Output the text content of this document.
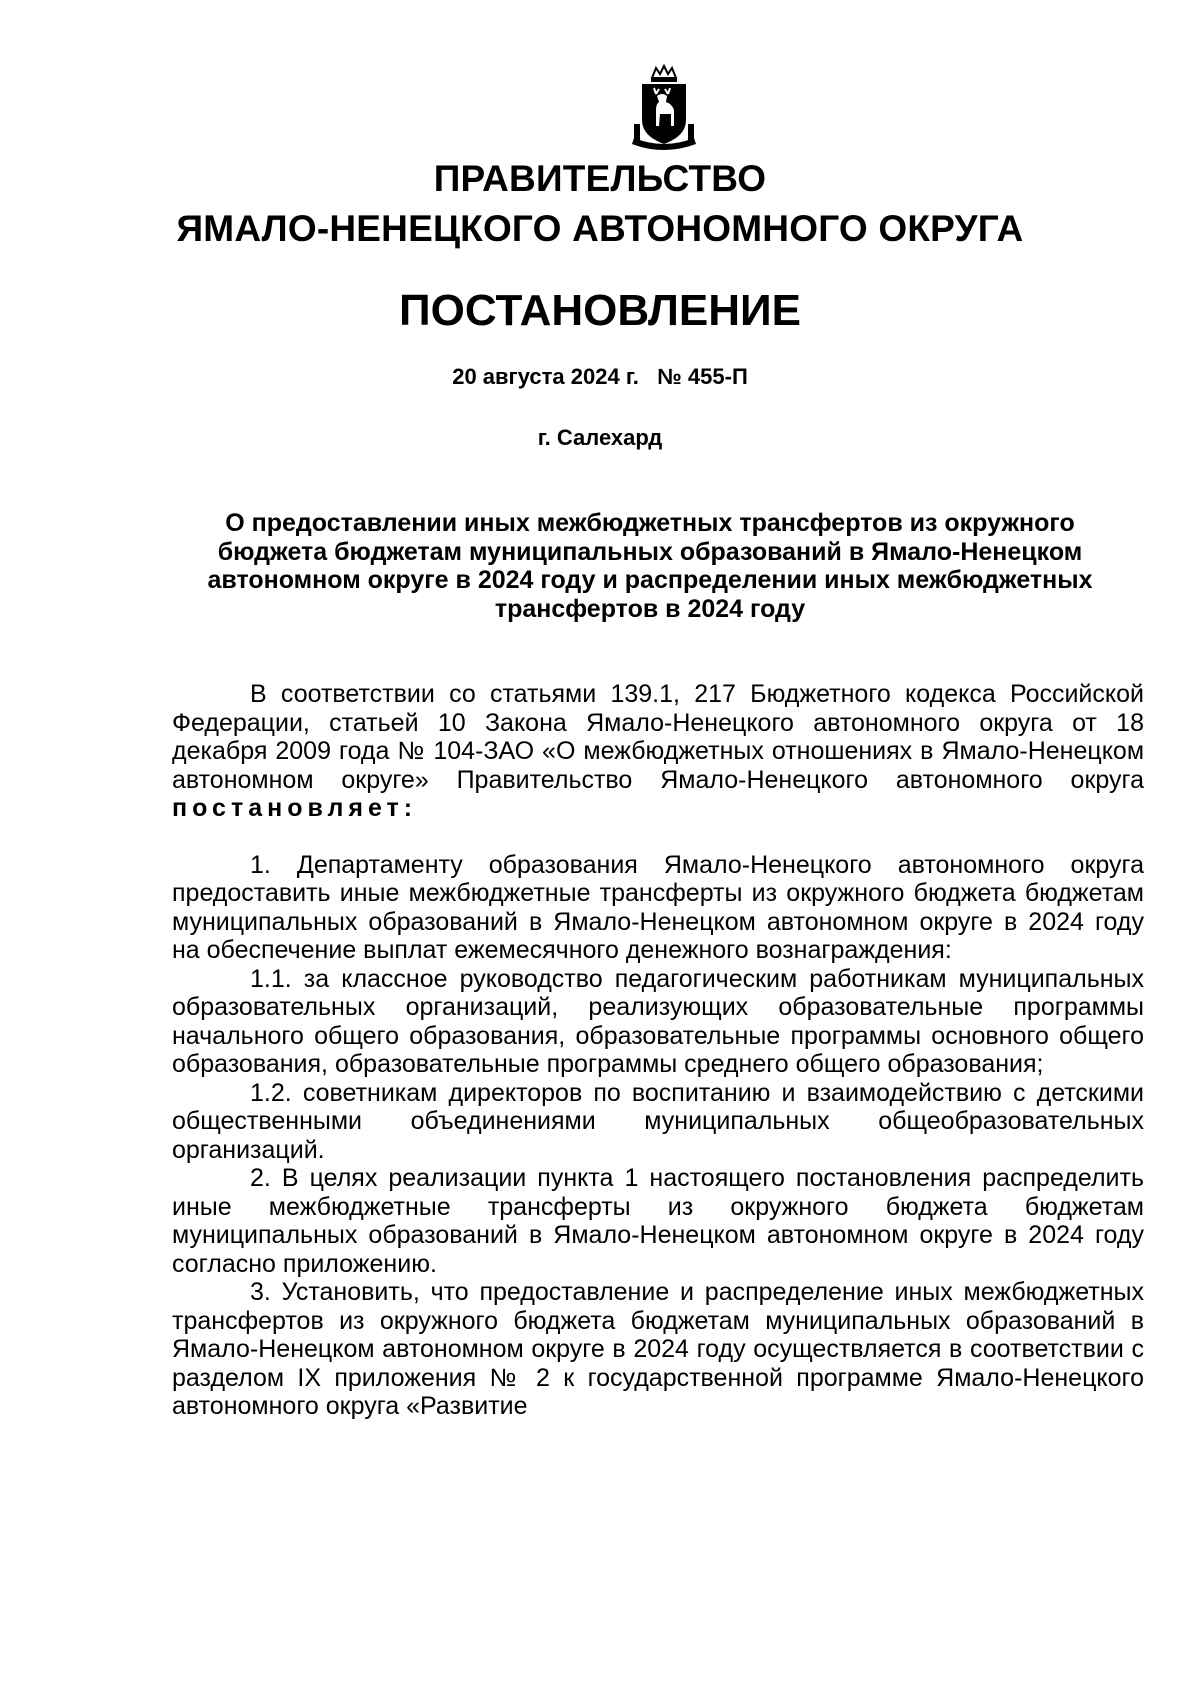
ПРАВИТЕЛЬСТВО
ЯМАЛО-НЕНЕЦКОГО АВТОНОМНОГО ОКРУГА
ПОСТАНОВЛЕНИЕ
20 августа 2024 г. № 455-П
г. Салехард

О предоставлении иных межбюджетных трансфертов из окружного бюджета бюджетам муниципальных образований в Ямало-Ненецком автономном округе в 2024 году и распределении иных межбюджетных трансфертов в 2024 году

В соответствии со статьями 139.1, 217 Бюджетного кодекса Российской Федерации, статьей 10 Закона Ямало-Ненецкого автономного округа от 18 декабря 2009 года № 104-ЗАО «О межбюджетных отношениях в Ямало-Ненецком автономном округе» Правительство Ямало-Ненецкого автономного округа постановляет:

1. Департаменту образования Ямало-Ненецкого автономного округа предоставить иные межбюджетные трансферты из окружного бюджета бюджетам муниципальных образований в Ямало-Ненецком автономном округе в 2024 году на обеспечение выплат ежемесячного денежного вознаграждения:

1.1. за классное руководство педагогическим работникам муниципальных образовательных организаций, реализующих образовательные программы начального общего образования, образовательные программы основного общего образования, образовательные программы среднего общего образования;

1.2. советникам директоров по воспитанию и взаимодействию с детскими общественными объединениями муниципальных общеобразовательных организаций.

2. В целях реализации пункта 1 настоящего постановления распределить иные межбюджетные трансферты из окружного бюджета бюджетам муниципальных образований в Ямало-Ненецком автономном округе в 2024 году согласно приложению.

3. Установить, что предоставление и распределение иных межбюджетных трансфертов из окружного бюджета бюджетам муниципальных образований в Ямало-Ненецком автономном округе в 2024 году осуществляется в соответствии с разделом IX приложения № 2 к государственной программе Ямало-Ненецкого автономного округа «Развитие
